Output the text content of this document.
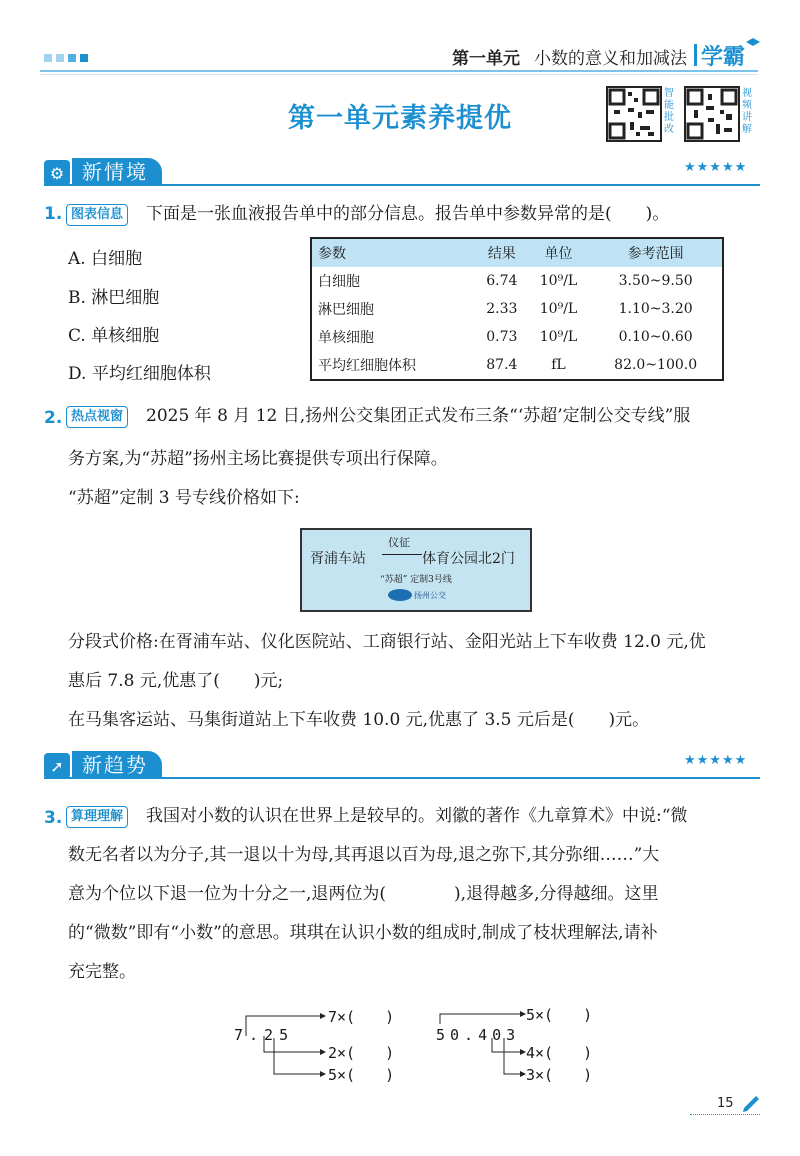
第一单元 小数的意义和加减法 学霸
第一单元素养提优
智能批改
视频讲解
⚙ 新情境	★★★★★
1. 图表信息 下面是一张血液报告单中的部分信息。报告单中参数异常的是(　　)。
A. 白细胞
B. 淋巴细胞
C. 单核细胞
D. 平均红细胞体积
参数	结果	单位	参考范围
白细胞	6.74	10⁹/L	3.50~9.50
淋巴细胞	2.33	10⁹/L	1.10~3.20
单核细胞	0.73	10⁹/L	0.10~0.60
平均红细胞体积	87.4	fL	82.0~100.0
2. 热点视窗 2025 年 8 月 12 日,扬州公交集团正式发布三条“‘苏超’定制公交专线”服
务方案,为“苏超”扬州主场比赛提供专项出行保障。
“苏超”定制 3 号专线价格如下:
胥浦车站
仪征
体育公园北2门
“苏超” 定制3号线
扬州公交
分段式价格:在胥浦车站、仪化医院站、工商银行站、金阳光站上下车收费 12.0 元,优
惠后 7.8 元,优惠了(　　)元;
在马集客运站、马集街道站上下车收费 10.0 元,优惠了 3.5 元后是(　　)元。
➚ 新趋势	★★★★★
3. 算理理解 我国对小数的认识在世界上是较早的。刘徽的著作《九章算术》中说:“微
数无名者以为分子,其一退以十为母,其再退以百为母,退之弥下,其分弥细……”大
意为个位以下退一位为十分之一,退两位为(　　　　),退得越多,分得越细。这里
的“微数”即有“小数”的意思。琪琪在认识小数的组成时,制成了枝状理解法,请补
充完整。
7.25
7×(　　)
2×(　　)
5×(　　)
50.403
5×(　　)
4×(　　)
3×(　　)
15
